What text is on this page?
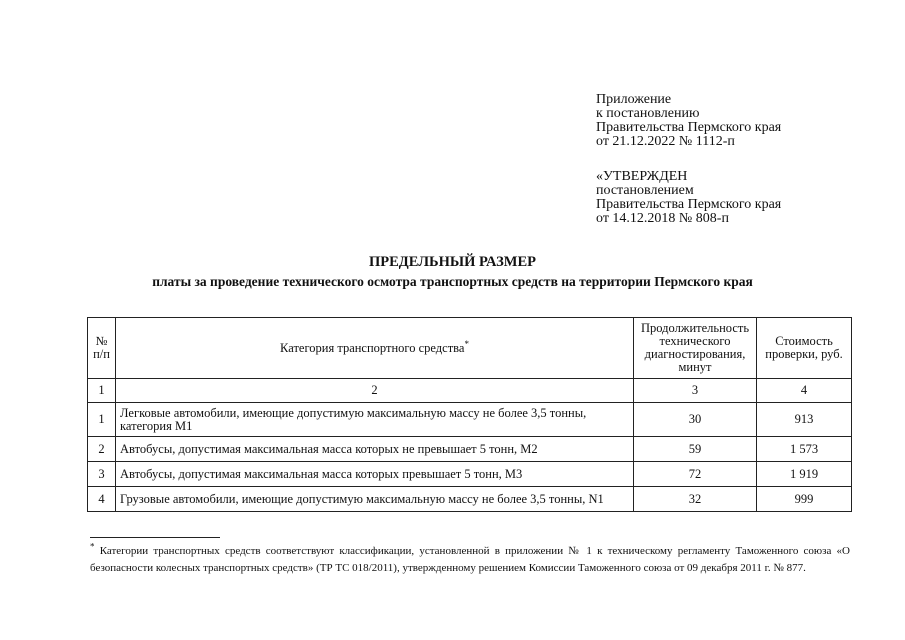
Приложение
к постановлению
Правительства Пермского края
от 21.12.2022 № 1112-п
«УТВЕРЖДЕН
постановлением
Правительства Пермского края
от 14.12.2018 № 808-п
ПРЕДЕЛЬНЫЙ РАЗМЕР
платы за проведение технического осмотра транспортных средств на территории Пермского края
№ п/п	Категория транспортного средства*	Продолжительность технического диагностирования, минут	Стоимость проверки, руб.
1	2	3	4
1	Легковые автомобили, имеющие допустимую максимальную массу не более 3,5 тонны, категория М1	30	913
2	Автобусы, допустимая максимальная масса которых не превышает 5 тонн, М2	59	1 573
3	Автобусы, допустимая максимальная масса которых превышает 5 тонн, М3	72	1 919
4	Грузовые автомобили, имеющие допустимую максимальную массу не более 3,5 тонны, N1	32	999
* Категории транспортных средств соответствуют классификации, установленной в приложении № 1 к техническому регламенту Таможенного союза «О безопасности колесных транспортных средств» (ТР ТС 018/2011), утвержденному решением Комиссии Таможенного союза от 09 декабря 2011 г. № 877.
